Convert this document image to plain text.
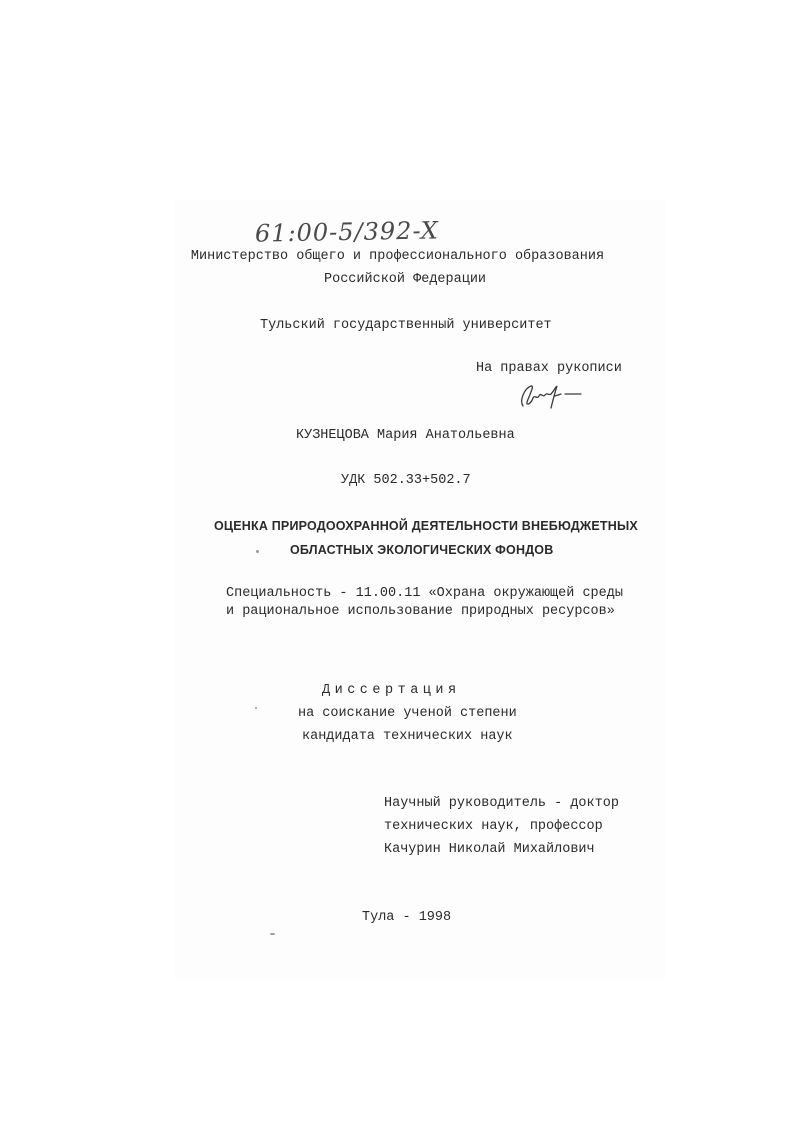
61:00-5/392-X
Министерство общего и профессионального образования
Российской Федерации
Тульский государственный университет
На правах рукописи
КУЗНЕЦОВА Мария Анатольевна
УДК 502.33+502.7
ОЦЕНКА ПРИРОДООХРАННОЙ ДЕЯТЕЛЬНОСТИ ВНЕБЮДЖЕТНЫХ
ОБЛАСТНЫХ ЭКОЛОГИЧЕСКИХ ФОНДОВ
Специальность - 11.00.11 «Охрана окружающей среды
и рациональное использование природных ресурсов»
Диссертация
на соискание ученой степени
кандидата технических наук
Научный руководитель - доктор
технических наук, профессор
Качурин Николай Михайлович
Тула - 1998
